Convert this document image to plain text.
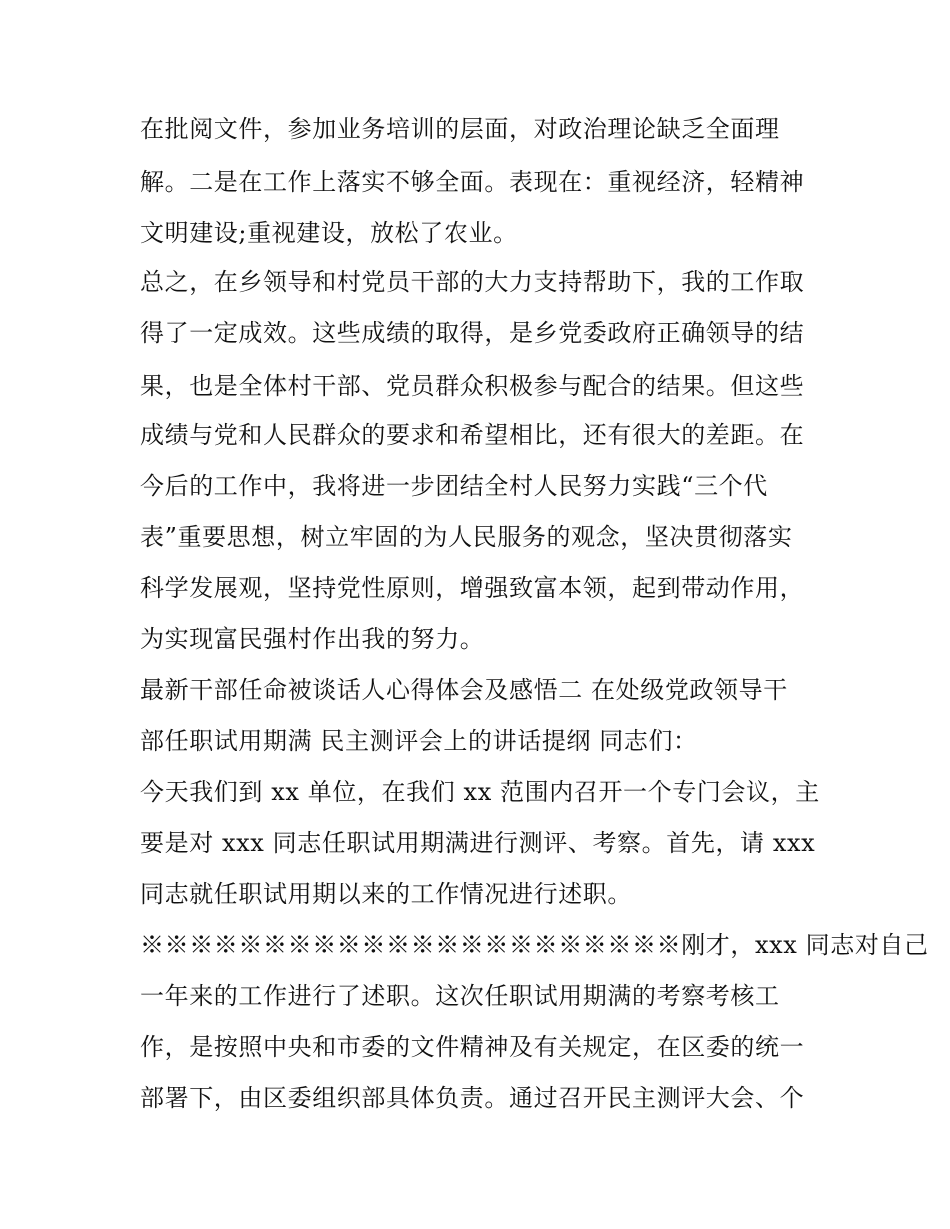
在批阅文件，参加业务培训的层面，对政治理论缺乏全面理
解。二是在工作上落实不够全面。表现在：重视经济，轻精神
文明建设;重视建设，放松了农业。
总之，在乡领导和村党员干部的大力支持帮助下，我的工作取
得了一定成效。这些成绩的取得，是乡党委政府正确领导的结
果，也是全体村干部、党员群众积极参与配合的结果。但这些
成绩与党和人民群众的要求和希望相比，还有很大的差距。在
今后的工作中，我将进一步团结全村人民努力实践“三个代
表”重要思想，树立牢固的为人民服务的观念，坚决贯彻落实
科学发展观，坚持党性原则，增强致富本领，起到带动作用，
为实现富民强村作出我的努力。
最新干部任命被谈话人心得体会及感悟二 在处级党政领导干
部任职试用期满 民主测评会上的讲话提纲 同志们：
今天我们到 xx 单位，在我们 xx 范围内召开一个专门会议，主
要是对 xxx 同志任职试用期满进行测评、考察。首先，请 xxx
同志就任职试用期以来的工作情况进行述职。
※※※※※※※※※※※※※※※※※※※※※※刚才，xxx 同志对自己
一年来的工作进行了述职。这次任职试用期满的考察考核工
作，是按照中央和市委的文件精神及有关规定，在区委的统一
部署下，由区委组织部具体负责。通过召开民主测评大会、个
